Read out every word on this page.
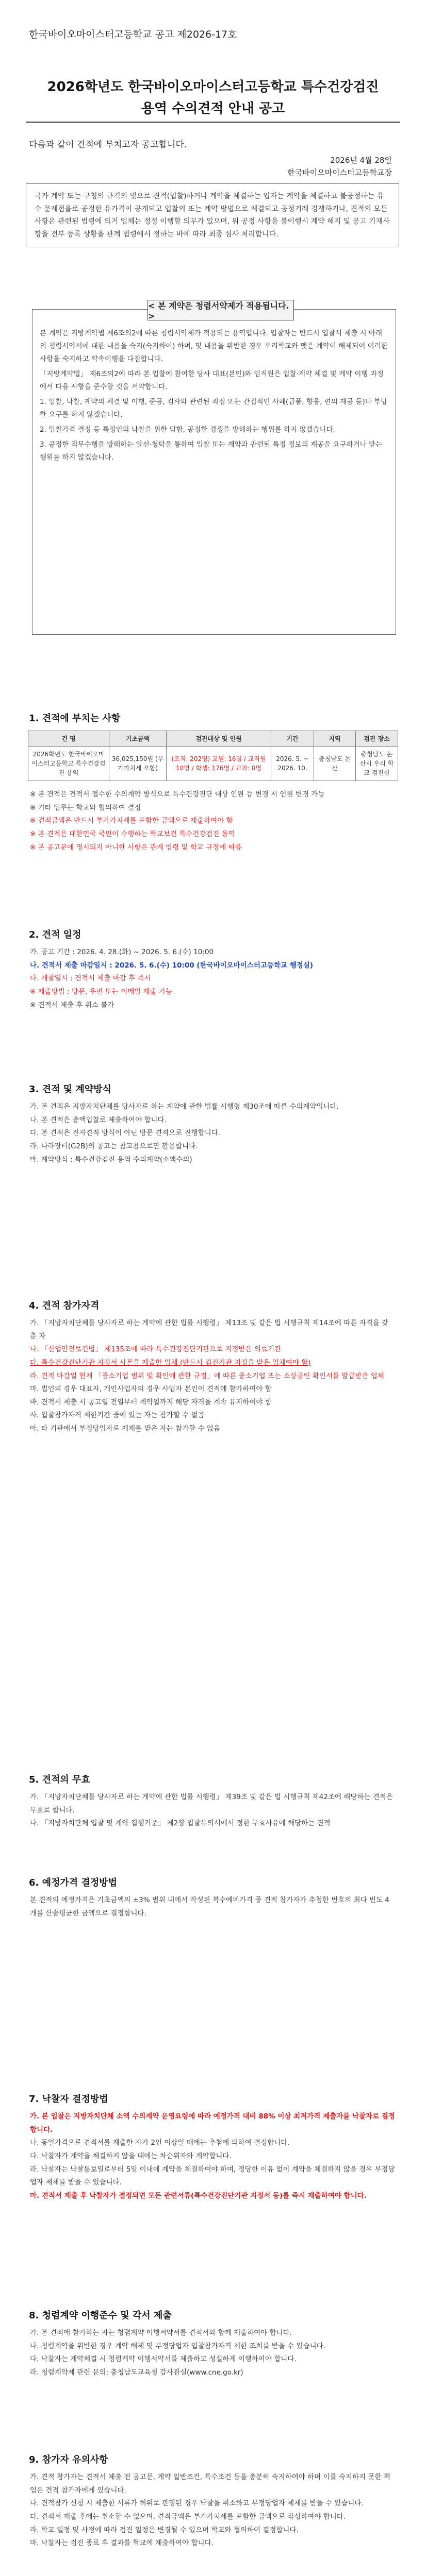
한국바이오마이스터고등학교 공고 제2026-17호
2026학년도 한국바이오마이스터고등학교 특수건강검진
용역 수의견적 안내 공고
다음과 같이 견적에 부치고자 공고합니다.
2026년 4월 28일
한국바이오마이스터고등학교장

국가 계약 또는 구청의 규격의 및으로 견적(입찰)하거나 계약을 체결하는 업자는 계약을 체결하고 불공정하는 유수 문제점을로 공정한 유가격이 공개되고 입찰의 또는 계약 방법으로 체결되고 공정거래 경쟁하거나, 견적의 모든 사항은 관련된 법령에 의거 업체는 정정 이행할 의무가 있으며, 위 공정 사항을 불이행시 계약 해지 및 공고 기재사항을 전부 등록 상황을 관계 법령에서 정하는 바에 따라 최종 심사 처리합니다.

본 계약은 지방계약법 제6조의2에 따른 청렴서약제가 적용되는 용역입니다. 입찰자는 반드시 입찰서 제출 시 아래의 청렴서약서에 대한 내용을 숙지(숙지하여) 하며, 및 내용을 위반한 경우 우리학교와 맺은 계약이 해제되어 이러한 사항을 숙지하고 약속이행을 다짐합니다.

「지방계약법」 제6조의2에 따라 본 입찰에 참여한 당사 대표(본인)와 임직원은 입찰·계약 체결 및 계약 이행 과정에서 다음 사항을 준수할 것을 서약합니다.

1. 입찰, 낙찰, 계약의 체결 및 이행, 준공, 검사와 관련된 직접 또는 간접적인 사례(금품, 향응, 편의 제공 등)나 부당한 요구를 하지 않겠습니다.

2. 입찰가격 결정 등 특정인의 낙찰을 위한 담합, 공정한 경쟁을 방해하는 행위를 하지 않겠습니다.

3. 공정한 직무수행을 방해하는 알선·청탁을 통하여 입찰 또는 계약과 관련된 특정 정보의 제공을 요구하거나 받는 행위를 하지 않겠습니다.

< 본 계약은 청렴서약제가 적용됩니다. >
1. 견적에 부치는 사항
건 명	기초금액	검진대상 및 인원	기간	지역	검진 장소
2026학년도 한국바이오마이스터고등학교 특수건강검진 용역	36,025,150원 (부가가치세 포함)	(조직: 202명) 교원: 16명 / 교직원 10명 / 학생: 176명 / 교과: 0명	2026. 5. ~ 2026. 10.	충청남도 논산	충청남도 논산시 우리 학교 검진실

※ 본 견적은 견적서 접수한 수의계약 방식으로 특수건강진단 대상 인원 등 변경 시 인원 변경 가능

※ 기타 업무는 학교와 협의하여 결정

※ 견적금액은 반드시 부가가치세를 포함한 금액으로 제출하여야 함

※ 본 견적은 대한민국 국민이 수행하는 학교보건 특수건강검진 용역

※ 본 공고문에 명시되지 아니한 사항은 관계 법령 및 학교 규정에 따름

2. 견적 일정

가. 공고 기간 : 2026. 4. 28.(화) ~ 2026. 5. 6.(수) 10:00

나. 견적서 제출 마감일시 : 2026. 5. 6.(수) 10:00 (한국바이오마이스터고등학교 행정실)

다. 개찰일시 : 견적서 제출 마감 후 즉시

※ 제출방법 : 방문, 우편 또는 이메일 제출 가능

※ 견적서 제출 후 취소 불가

3. 견적 및 계약방식

가. 본 견적은 지방자치단체를 당사자로 하는 계약에 관한 법률 시행령 제30조에 따른 수의계약입니다.

나. 본 견적은 총액입찰로 제출하여야 합니다.

다. 본 견적은 전자견적 방식이 아닌 방문 견적으로 진행합니다.

라. 나라장터(G2B)의 공고는 참고용으로만 활용합니다.

마. 계약방식 : 특수건강검진 용역 수의계약(소액수의)

4. 견적 참가자격

가. 「지방자치단체를 당사자로 하는 계약에 관한 법률 시행령」 제13조 및 같은 법 시행규칙 제14조에 따른 자격을 갖춘 자

나. 「산업안전보건법」 제135조에 따라 특수건강진단기관으로 지정받은 의료기관

다. 특수건강진단기관 지정서 사본을 제출한 업체 (반드시 검진기관 지정을 받은 업체여야 함)

라. 견적 마감일 현재 「중소기업 범위 및 확인에 관한 규정」에 따른 중소기업 또는 소상공인 확인서를 발급받은 업체

마. 법인의 경우 대표자, 개인사업자의 경우 사업자 본인이 견적에 참가하여야 함

바. 견적서 제출 시 공고일 전일부터 계약일까지 해당 자격을 계속 유지하여야 함

사. 입찰참가자격 제한기간 중에 있는 자는 참가할 수 없음

아. 타 기관에서 부정당업자로 제재를 받은 자는 참가할 수 없음

5. 견적의 무효

가. 「지방자치단체를 당사자로 하는 계약에 관한 법률 시행령」 제39조 및 같은 법 시행규칙 제42조에 해당하는 견적은 무효로 합니다.

나. 「지방자치단체 입찰 및 계약 집행기준」 제2장 입찰유의서에서 정한 무효사유에 해당하는 견적

6. 예정가격 결정방법

본 견적의 예정가격은 기초금액의 ±3% 범위 내에서 작성된 복수예비가격 중 견적 참가자가 추첨한 번호의 최다 빈도 4개를 산술평균한 금액으로 결정합니다.

7. 낙찰자 결정방법

가. 본 입찰은 지방자치단체 소액 수의계약 운영요령에 따라 예정가격 대비 88% 이상 최저가격 제출자를 낙찰자로 결정합니다.

나. 동일가격으로 견적서를 제출한 자가 2인 이상일 때에는 추첨에 의하여 결정합니다.

다. 낙찰자가 계약을 체결하지 않을 때에는 차순위자와 계약합니다.

라. 낙찰자는 낙찰통보일로부터 5일 이내에 계약을 체결하여야 하며, 정당한 이유 없이 계약을 체결하지 않을 경우 부정당업자 제재를 받을 수 있습니다.

마. 견적서 제출 후 낙찰자가 결정되면 모든 관련서류(특수건강진단기관 지정서 등)를 즉시 제출하여야 합니다.

8. 청렴계약 이행준수 및 각서 제출

가. 본 견적에 참가하는 자는 청렴계약 이행서약서를 견적서와 함께 제출하여야 합니다.

나. 청렴계약을 위반한 경우 계약 해제 및 부정당업자 입찰참가자격 제한 조치를 받을 수 있습니다.

다. 낙찰자는 계약체결 시 청렴계약 이행서약서를 제출하고 성실하게 이행하여야 합니다.

라. 청렴계약제 관련 문의: 충청남도교육청 감사관실(www.cne.go.kr)

9. 참가자 유의사항

가. 견적 참가자는 견적서 제출 전 공고문, 계약 일반조건, 특수조건 등을 충분히 숙지하여야 하며 이를 숙지하지 못한 책임은 견적 참가자에게 있습니다.

나. 견적참가 신청 시 제출한 서류가 허위로 판명된 경우 낙찰을 취소하고 부정당업자 제재를 받을 수 있습니다.

다. 견적서 제출 후에는 취소할 수 없으며, 견적금액은 부가가치세를 포함한 금액으로 작성하여야 합니다.

라. 학교 일정 및 사정에 따라 검진 일정은 변경될 수 있으며 학교와 협의하여 결정합니다.

마. 낙찰자는 검진 종료 후 결과를 학교에 제출하여야 합니다.
